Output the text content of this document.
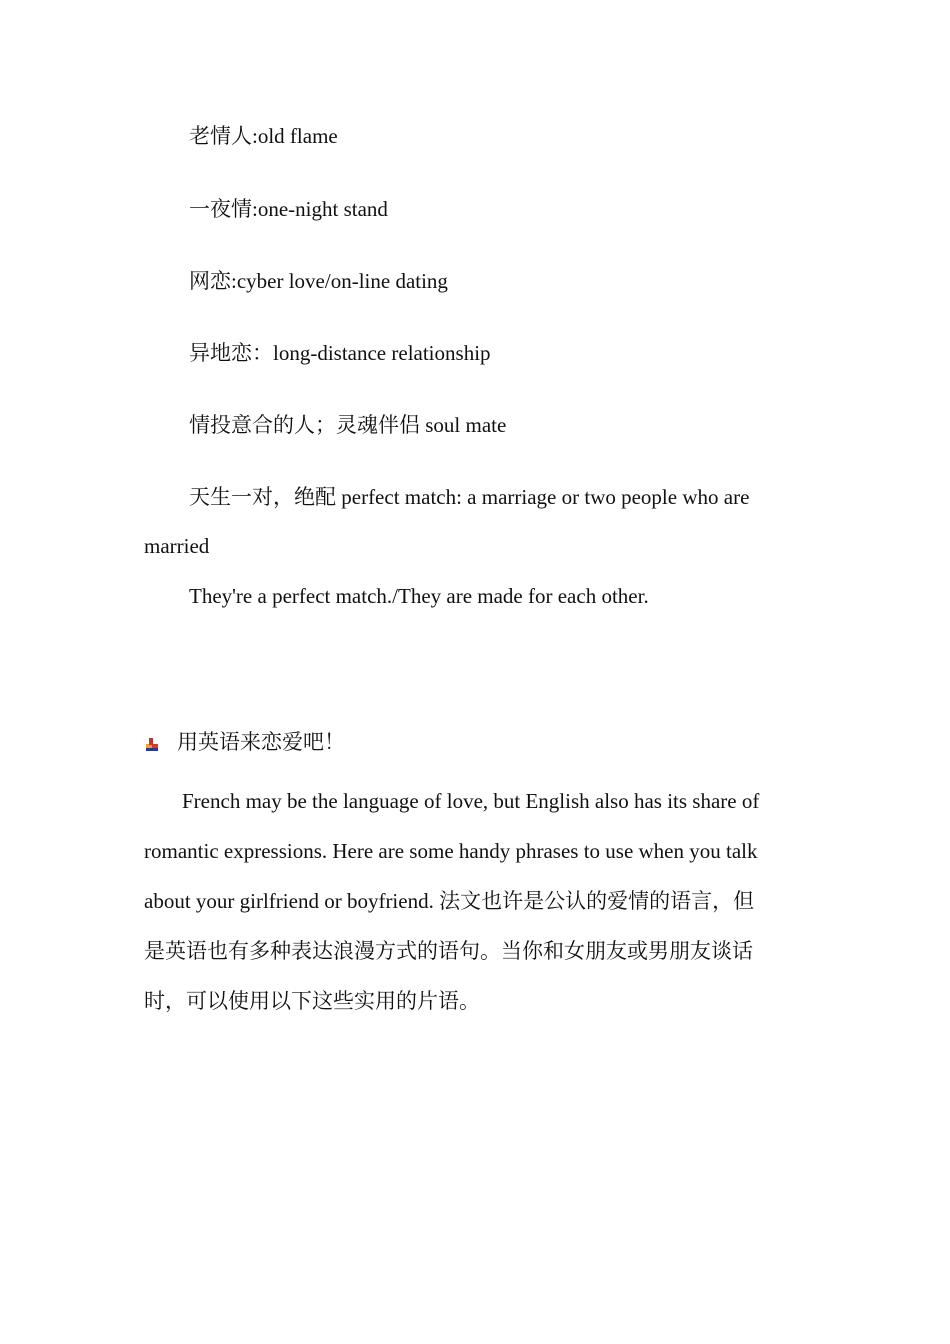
老情人:old flame
一夜情:one-night stand
网恋:cyber love/on-line dating
异地恋：long-distance relationship
情投意合的人；灵魂伴侣 soul mate
天生一对，绝配 perfect match: a marriage or two people who are
married
They're a perfect match./They are made for each other.
用英语来恋爱吧！
French may be the language of love, but English also has its share of
romantic expressions. Here are some handy phrases to use when you talk
about your girlfriend or boyfriend. 法文也许是公认的爱情的语言，但
是英语也有多种表达浪漫方式的语句。当你和女朋友或男朋友谈话
时，可以使用以下这些实用的片语。
